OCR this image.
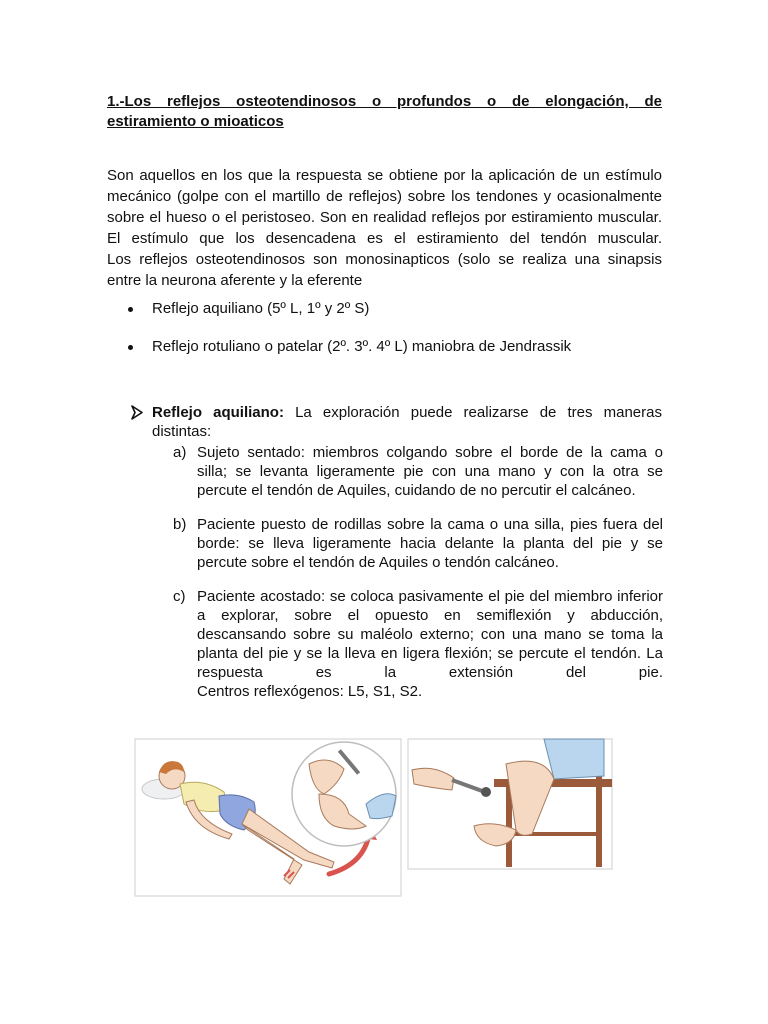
1.-Los reflejos osteotendinosos o profundos o de elongación, de
estiramiento o mioaticos
Son aquellos en los que la respuesta se obtiene por la aplicación de un estímulo
mecánico (golpe con el martillo de reflejos) sobre los tendones y ocasionalmente
sobre el hueso o el peristoseo. Son en realidad reflejos por estiramiento muscular.
El estímulo que los desencadena es el estiramiento del tendón muscular.
Los reflejos osteotendinosos son monosinapticos (solo se realiza una sinapsis
entre la neurona aferente y la eferente
Reflejo aquiliano (5º L, 1º y 2º S)
Reflejo rotuliano o patelar (2º. 3º. 4º L) maniobra de Jendrassik
Reflejo aquiliano: La exploración puede realizarse de tres maneras
distintas:
a) Sujeto sentado: miembros colgando sobre el borde de la cama o
silla; se levanta ligeramente pie con una mano y con la otra se
percute el tendón de Aquiles, cuidando de no percutir el calcáneo.
b) Paciente puesto de rodillas sobre la cama o una silla, pies fuera del
borde: se lleva ligeramente hacia delante la planta del pie y se
percute sobre el tendón de Aquiles o tendón calcáneo.
c) Paciente acostado: se coloca pasivamente el pie del miembro inferior
a explorar, sobre el opuesto en semiflexión y abducción,
descansando sobre su maléolo externo; con una mano se toma la
planta del pie y se la lleva en ligera flexión; se percute el tendón. La
respuesta es la extensión del pie.
Centros reflexógenos: L5, S1, S2.
